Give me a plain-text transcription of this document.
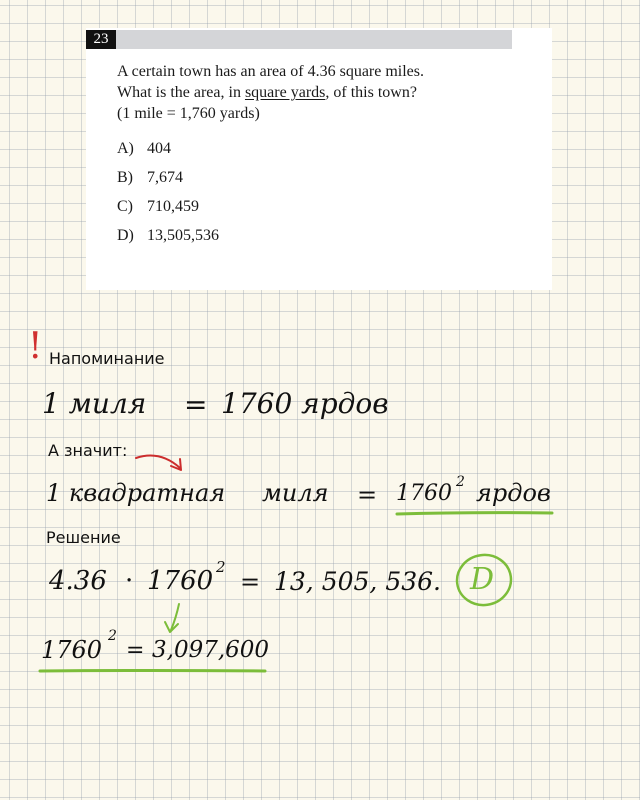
23
A certain town has an area of 4.36 square miles.
What is the area, in square yards, of this town?
(1 mile = 1,760 yards)
A) 404
B) 7,674
C) 710,459
D) 13,505,536
! Напоминание
1 миля = 1760 ярдов
А значит:
1 квадратная миля = 1760 2 ярдов
Решение
4.36 · 1760 2
= 13, 505, 536. D
1760 2
= 3,097,600
